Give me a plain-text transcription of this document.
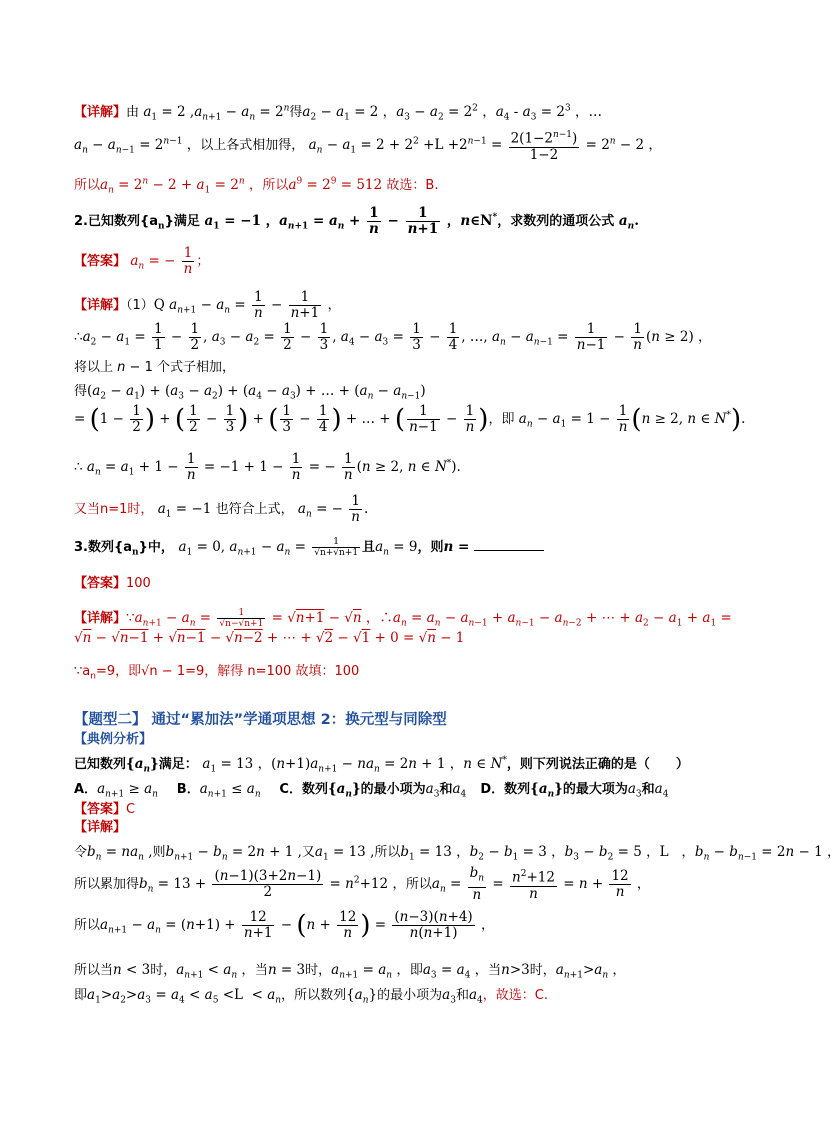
【详解】由 $a_1 = 2$ $,a_{n+1} - a_n = 2^n$得$a_2 - a_1 = 2$ ，$a_3 - a_2 = 2^2$ ，$a_4 - a_3 = 2^3$ ，…
$a_n - a_{n-1} = 2^{n-1}$ ，以上各式相加得， $a_n - a_1 = 2 + 2^2 +L +2^{n-1} = \frac{2(1-2^{n-1})}{1-2} = 2^n - 2$ ，
所以$a_n = 2^n - 2 + a_1 = 2^n$ ，所以$a^9 = 2^9 = 512$ 故选：B.
2.已知数列$\{a_n\}$满足 $a_1 = -1$ ，$a_{n+1} = a_n + \frac{1}{n} - \frac{1}{n+1}$ ，n∈N*，求数列的通项公式 $a_n$.
【答案】 $a_n$ = − $\frac{1}{n}$ ；
【详解】（1）Q $a_{n+1} - a_n = \frac{1}{n} - \frac{1}{n+1}$ ，
$\therefore a_2 - a_1 = \frac{1}{1} - \frac{1}{2}$ , $a_3 - a_2 = \frac{1}{2} - \frac{1}{3}$ , $a_4 - a_3 = \frac{1}{3} - \frac{1}{4}$ , …, $a_n - a_{n-1} = \frac{1}{n-1} - \frac{1}{n} (n \ge 2)$ ，
将以上 n − 1 个式子相加，
得$(a_2 - a_1) + (a_3 - a_2) + (a_4 - a_3)$ + … + $(a_n - a_{n-1})$
= ($1 - \frac{1}{2}$ ) + ( $\frac{1}{2} - \frac{1}{3}$ ) + ( $\frac{1}{3} - \frac{1}{4}$ ) + … + ( $\frac{1}{n-1} - \frac{1}{n}$ )，即 $a_n - a_1 = 1 - \frac{1}{n} (n \ge 2$, n ∈ N*).
∴ $a_n = a_1 + 1 - \frac{1}{n} = -1 + 1 - \frac{1}{n}$ = − $\frac{1}{n} (n \ge 2$, n ∈ N*).
又当n=1时， $a_1 = -1$ 也符合上式， $a_n$ = − $\frac{1}{n}$ .
3.数列$\{a_n\}$中， $a_1 = 0$, $a_{n+1} - a_n = \frac{1}{√n+√n+1}$ 且$a_n = 9$，则n =
【答案】100
【详解】$\because a_{n+1} - a_n = \frac{1}{√n-√n+1} = √n+1 - √n$ ，$\therefore a_n = a_n - a_{n-1} + a_{n-1} - a_{n-2}$ + ⋯ + $a_2 - a_1 + a_1$ =
√n − √n−1 + √n−1 − √n−2 + ⋯ + √2 − √1 + 0 = √n − 1
$\because a_n=9$，即√n − 1=9，解得 n=100 故填：100
【题型二】 通过“累加法”学通项思想 2：换元型与同除型
【典例分析】
已知数列$\{a_n\}$满足： $a_1 = 13$ ，$(n+1)a_{n+1} - na_n = 2n + 1$ ，n ∈ N*，则下列说法正确的是（　　）
A．$a_{n+1} \ge a_n$ B．$a_{n+1} \le a_n$ C．数列$\{a_n\}$的最小项为$a_3$和$a_4$ D．数列$\{a_n\}$的最大项为$a_3$和$a_4$
【答案】C
【详解】
令$b_n = na_n$ ,则$b_{n+1} - b_n = 2n + 1$ ,又$a_1 = 13$ ,所以$b_1 = 13$ ，$b_2 - b_1 = 3$ ，$b_3 - b_2 = 5$ ，L   ，$b_n - b_{n-1} = 2n - 1$ ，
所以累加得$b_n = 13 + \frac{(n-1)(3+2n-1)}{2} = n^2+12$ ，所以$a_n = \frac{b_n}{n} = \frac{n^2+12}{n} = n + \frac{12}{n}$ ，
所以$a_{n+1} - a_n = (n+1) + \frac{12}{n+1} - (n + \frac{12}{n}$ ) = $\frac{(n-3)(n+4)}{n(n+1)}$ ，
所以当n < 3时，$a_{n+1} < a_n$ ，当n = 3时，$a_{n+1} = a_n$ ，即$a_3 = a_4$ ，当n>3时，$a_{n+1}>a_n$ ，
即$a_1>a_2>a_3 = a_4 < a_5 <L < a_n$，所以数列$\{a_n\}$的最小项为$a_3$和$a_4$，故选：C.
